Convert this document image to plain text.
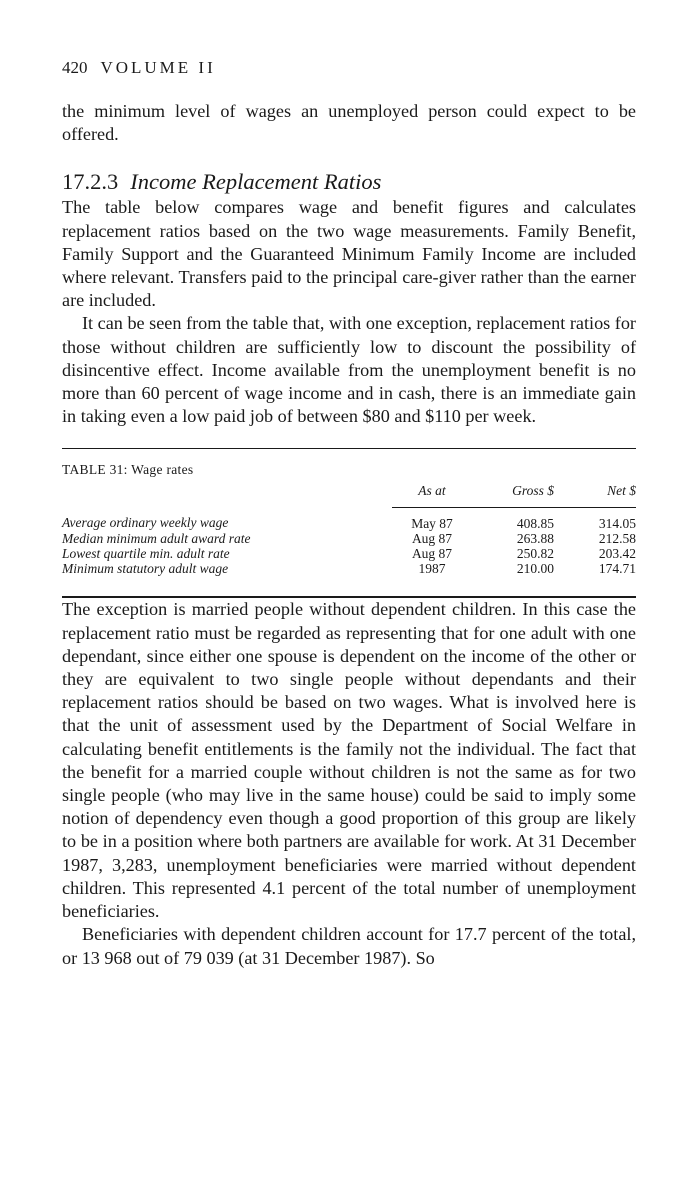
420 VOLUME II

the minimum level of wages an unemployed person could expect to be offered.

17.2.3 Income Replacement Ratios

The table below compares wage and benefit figures and calculates replacement ratios based on the two wage measurements. Family Benefit, Family Support and the Guaranteed Minimum Family Income are included where relevant. Transfers paid to the principal care-giver rather than the earner are included.

It can be seen from the table that, with one exception, replacement ratios for those without children are sufficiently low to discount the possibility of disincentive effect. Income available from the unemployment benefit is no more than 60 percent of wage income and in cash, there is an immediate gain in taking even a low paid job of between $80 and $110 per week.

TABLE 31: Wage rates
	As at	Gross $	Net $
Average ordinary weekly wage	May 87	408.85	314.05
Median minimum adult award rate	Aug 87	263.88	212.58
Lowest quartile min. adult rate	Aug 87	250.82	203.42
Minimum statutory adult wage	1987	210.00	174.71

The exception is married people without dependent children. In this case the replacement ratio must be regarded as representing that for one adult with one dependant, since either one spouse is dependent on the income of the other or they are equivalent to two single people without dependants and their replacement ratios should be based on two wages. What is involved here is that the unit of assessment used by the Department of Social Welfare in calculating benefit entitlements is the family not the individual. The fact that the benefit for a married couple without children is not the same as for two single people (who may live in the same house) could be said to imply some notion of dependency even though a good proportion of this group are likely to be in a position where both partners are available for work. At 31 December 1987, 3,283, unemployment beneficiaries were married without dependent children. This represented 4.1 percent of the total number of unemployment beneficiaries.

Beneficiaries with dependent children account for 17.7 percent of the total, or 13 968 out of 79 039 (at 31 December 1987). So
